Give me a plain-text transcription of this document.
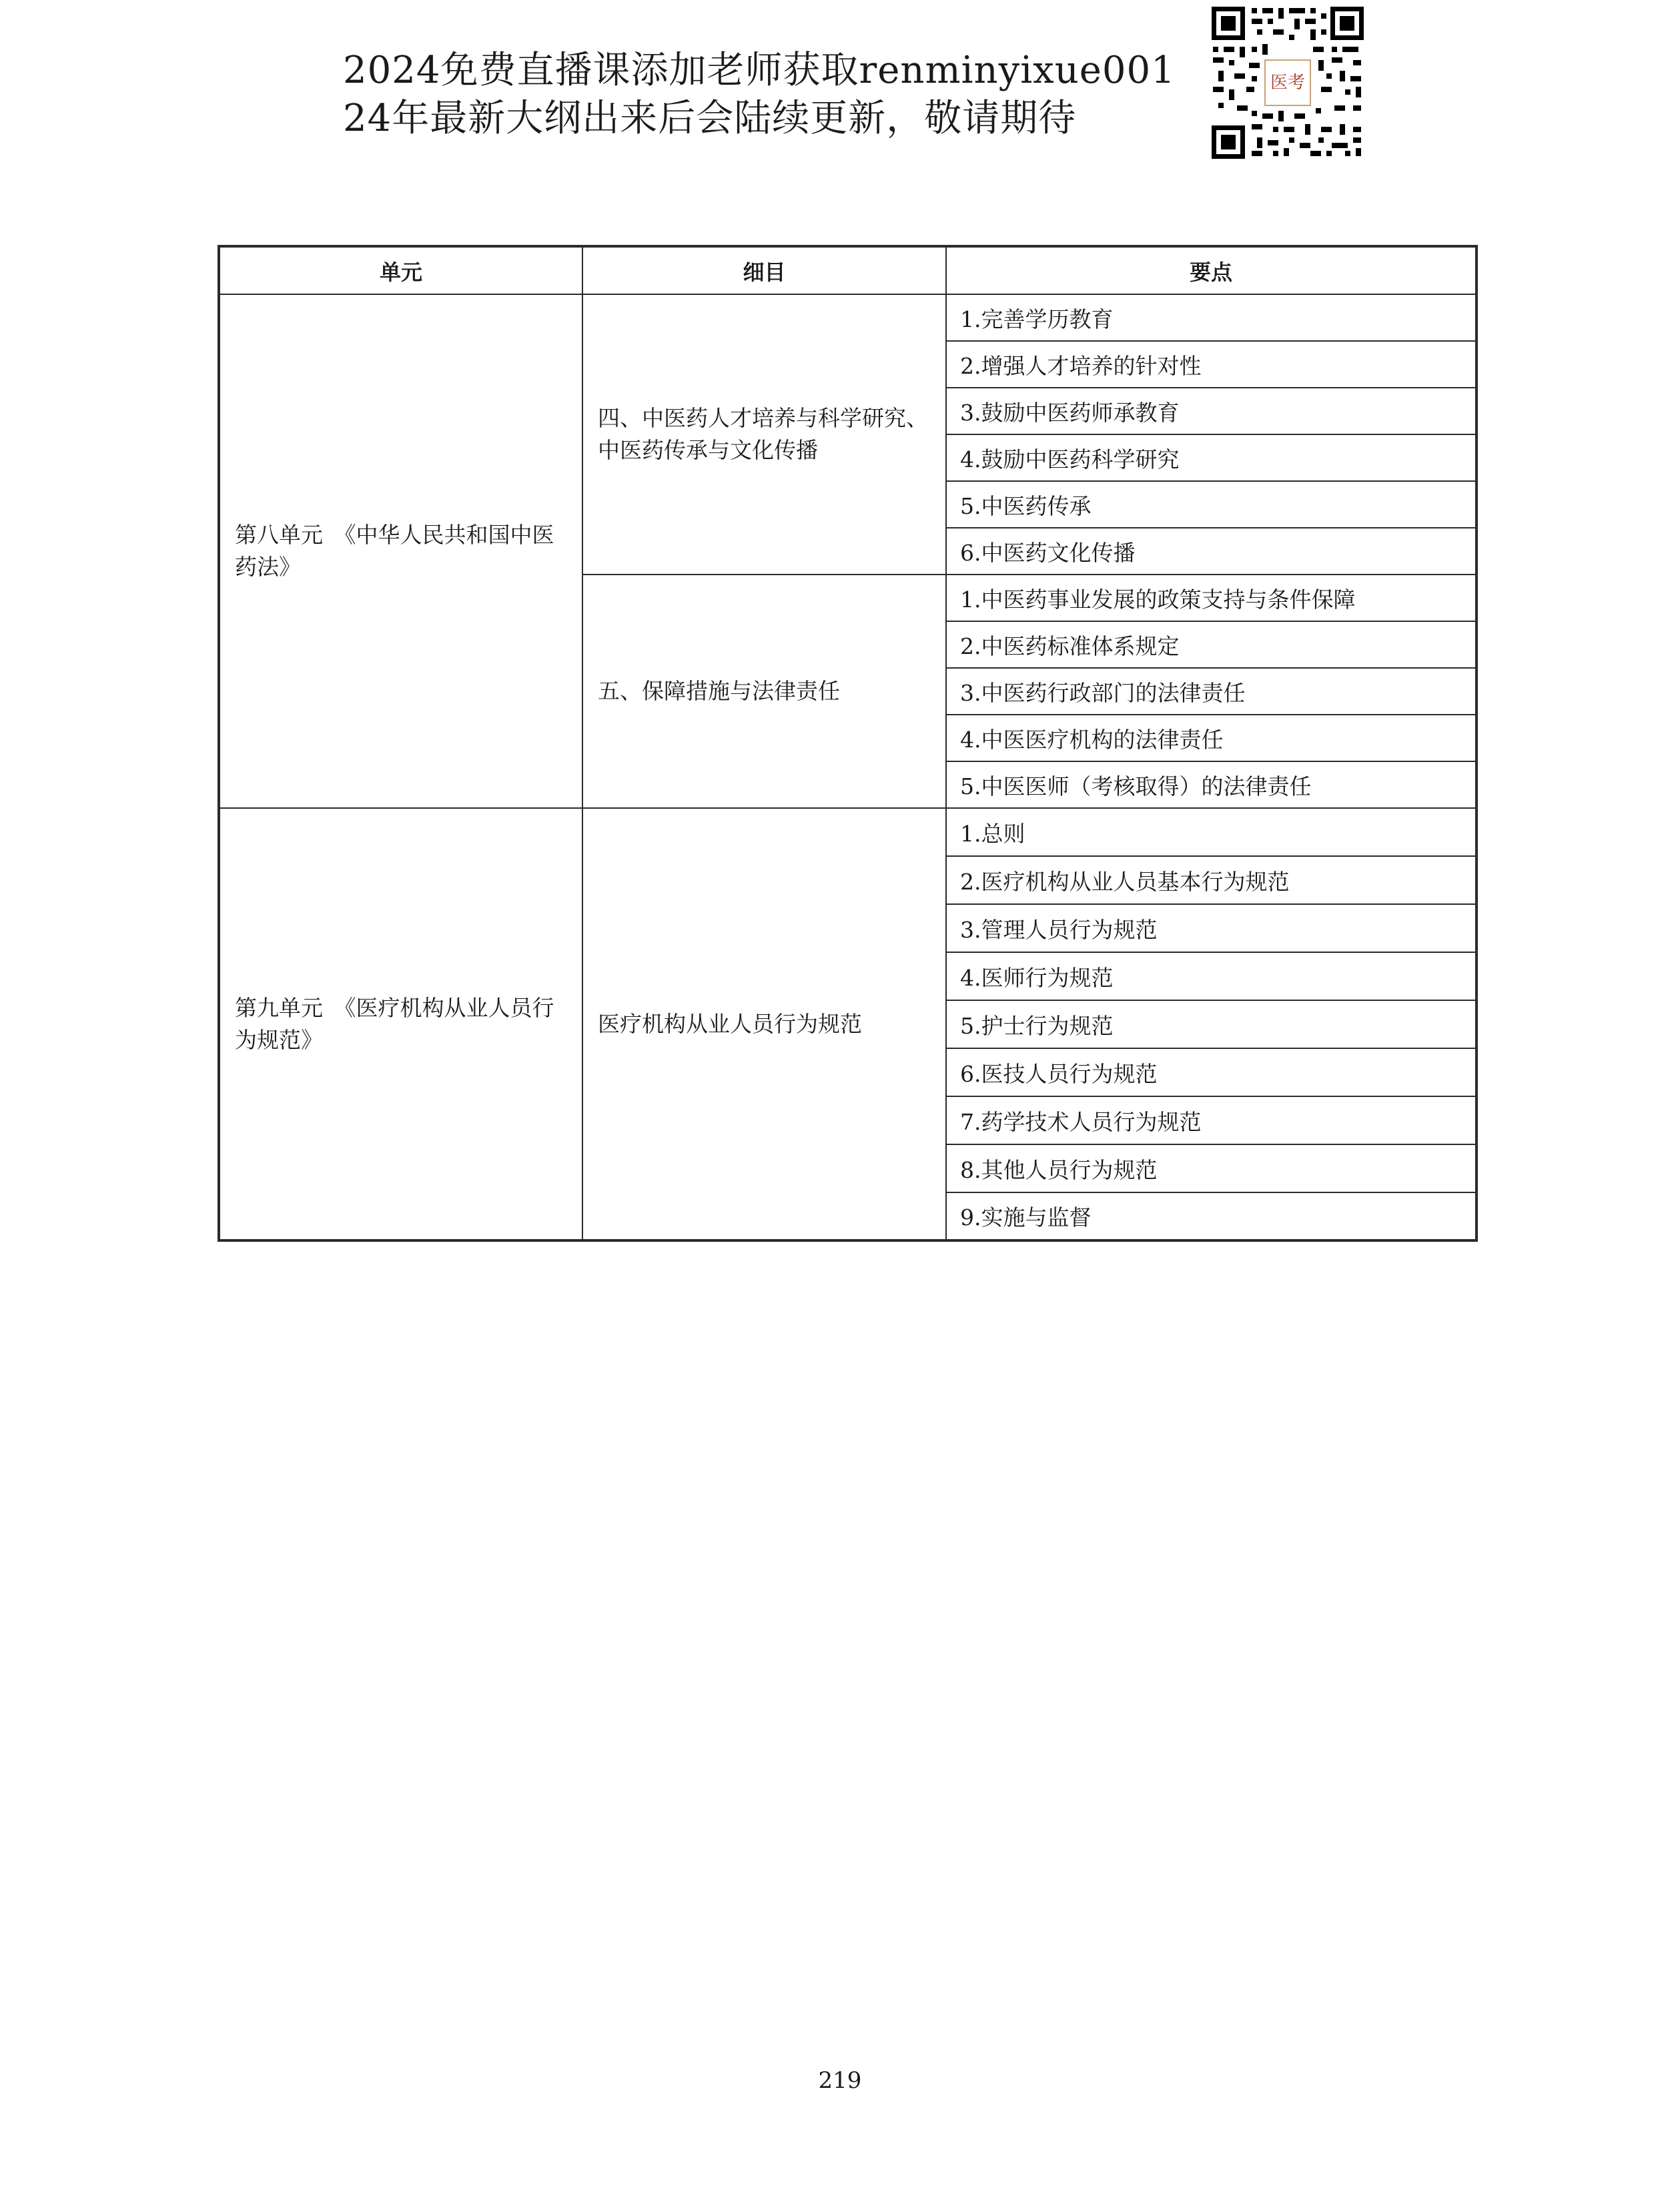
2024免费直播课添加老师获取renminyixue001
24年最新大纲出来后会陆续更新，敬请期待
医考
单元	细目	要点
第八单元　《中华人民共和国中医药法》	四、中医药人才培养与科学研究、中医药传承与文化传播	1.完善学历教育
		2.增强人才培养的针对性
		3.鼓励中医药师承教育
		4.鼓励中医药科学研究
		5.中医药传承
		6.中医药文化传播
	五、保障措施与法律责任	1.中医药事业发展的政策支持与条件保障
		2.中医药标准体系规定
		3.中医药行政部门的法律责任
		4.中医医疗机构的法律责任
		5.中医医师（考核取得）的法律责任
第九单元　《医疗机构从业人员行为规范》	医疗机构从业人员行为规范	1.总则
		2.医疗机构从业人员基本行为规范
		3.管理人员行为规范
		4.医师行为规范
		5.护士行为规范
		6.医技人员行为规范
		7.药学技术人员行为规范
		8.其他人员行为规范
		9.实施与监督
219
